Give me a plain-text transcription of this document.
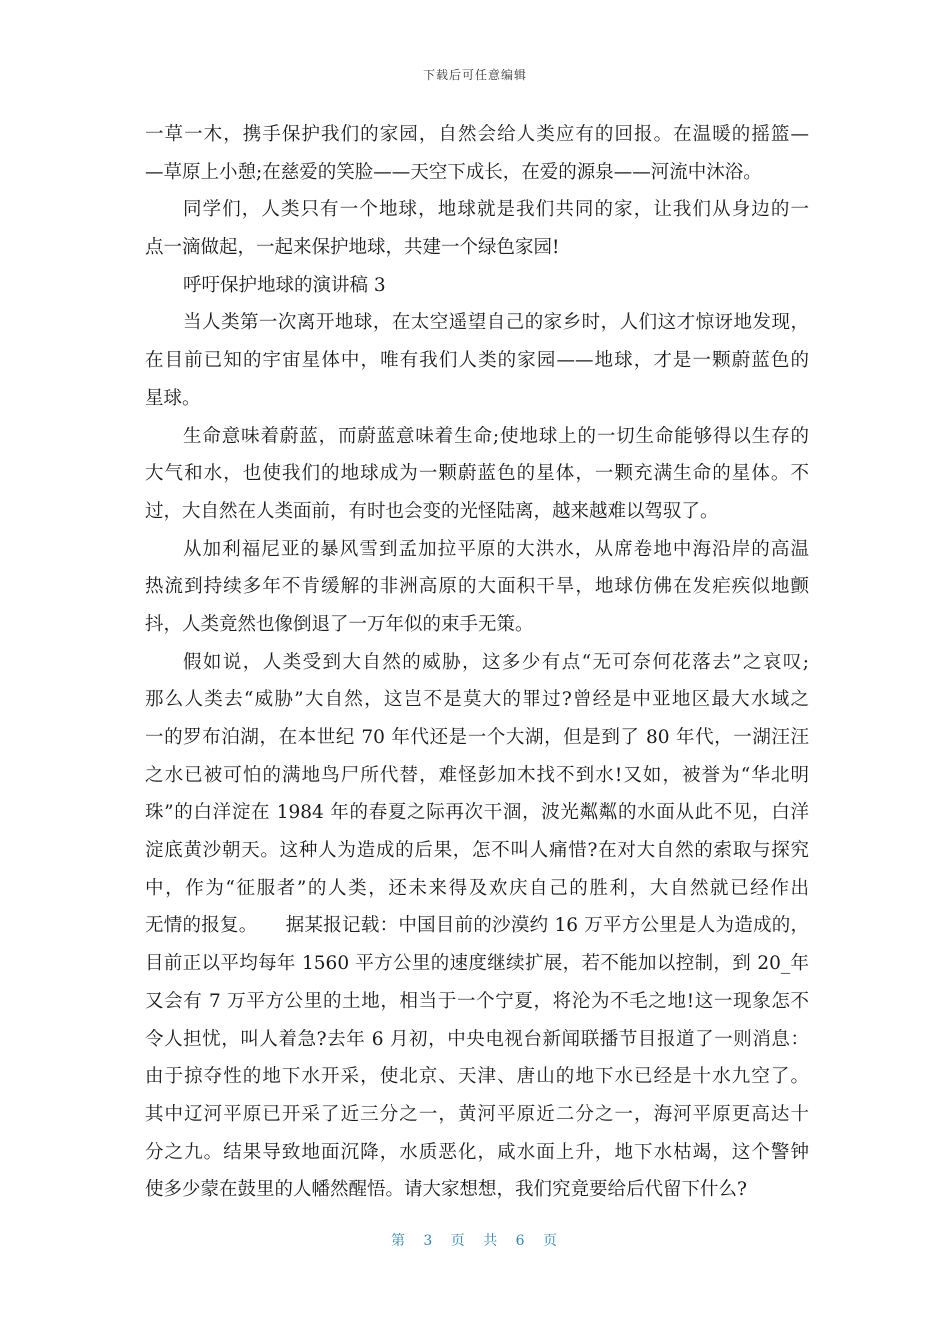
下载后可任意编辑
一草一木，携手保护我们的家园，自然会给人类应有的回报。在温暖的摇篮—
—草原上小憩;在慈爱的笑脸——天空下成长，在爱的源泉——河流中沐浴。
同学们，人类只有一个地球，地球就是我们共同的家，让我们从身边的一
点一滴做起，一起来保护地球，共建一个绿色家园!
呼吁保护地球的演讲稿 3
当人类第一次离开地球，在太空遥望自己的家乡时，人们这才惊讶地发现，
在目前已知的宇宙星体中，唯有我们人类的家园——地球，才是一颗蔚蓝色的
星球。
生命意味着蔚蓝，而蔚蓝意味着生命;使地球上的一切生命能够得以生存的
大气和水，也使我们的地球成为一颗蔚蓝色的星体，一颗充满生命的星体。不
过，大自然在人类面前，有时也会变的光怪陆离，越来越难以驾驭了。
从加利福尼亚的暴风雪到孟加拉平原的大洪水，从席卷地中海沿岸的高温
热流到持续多年不肯缓解的非洲高原的大面积干旱，地球仿佛在发疟疾似地颤
抖，人类竟然也像倒退了一万年似的束手无策。
假如说，人类受到大自然的威胁，这多少有点“无可奈何花落去”之哀叹;
那么人类去“威胁”大自然，这岂不是莫大的罪过?曾经是中亚地区最大水域之
一的罗布泊湖，在本世纪 70 年代还是一个大湖，但是到了 80 年代，一湖汪汪
之水已被可怕的满地鸟尸所代替，难怪彭加木找不到水!又如，被誉为“华北明
珠”的白洋淀在 1984 年的春夏之际再次干涸，波光粼粼的水面从此不见，白洋
淀底黄沙朝天。这种人为造成的后果，怎不叫人痛惜?在对大自然的索取与探究
中，作为“征服者”的人类，还未来得及欢庆自己的胜利，大自然就已经作出
无情的报复。　　据某报记载：中国目前的沙漠约 16 万平方公里是人为造成的，
目前正以平均每年 1560 平方公里的速度继续扩展，若不能加以控制，到 20_年
又会有 7 万平方公里的土地，相当于一个宁夏，将沦为不毛之地!这一现象怎不
令人担忧，叫人着急?去年 6 月初，中央电视台新闻联播节目报道了一则消息：
由于掠夺性的地下水开采，使北京、天津、唐山的地下水已经是十水九空了。
其中辽河平原已开采了近三分之一，黄河平原近二分之一，海河平原更高达十
分之九。结果导致地面沉降，水质恶化，咸水面上升，地下水枯竭，这个警钟
使多少蒙在鼓里的人幡然醒悟。请大家想想，我们究竟要给后代留下什么?
第 3 页 共 6 页
